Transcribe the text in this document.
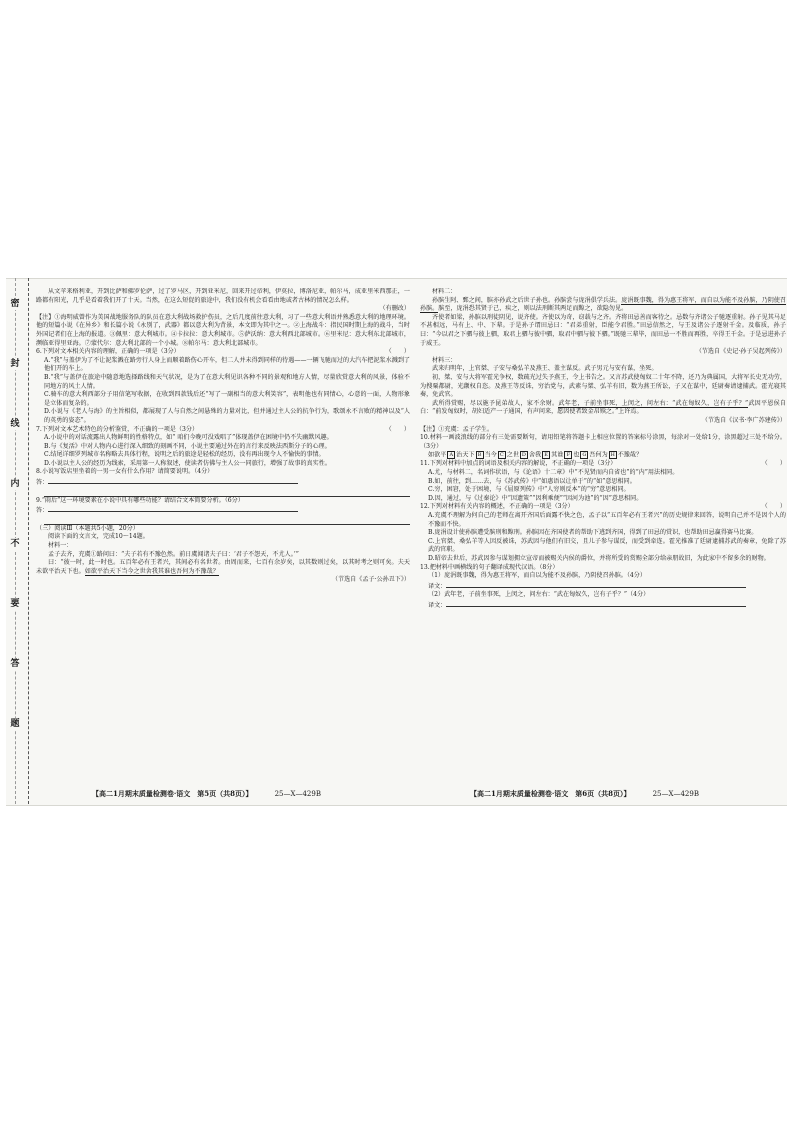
密
封
线
内
不
要
答
题

从文苹来格利亚，开到比萨和佛罗伦萨，过了罗马区，开到亚米尼，回来开过帝利，伊莫拉，博洛尼亚，帕尔马，成亚里米西那正，一路都有阳光，几乎是看着我们开了十天。当然，在这么短促的旅途中，我们没有机会看看由地或者古林的情况怎么样。

（有删改）

【注】①海明威曾作为美国战地服务队的队员在意大利战场救护伤员，之后几度前往意大利，习了一些意大利语并熟悉意大利的地理环境。他的短篇小说《在异乡》和长篇小说《永别了，武器》都以意大利为背景，本文即为其中之一。②上海战斗：指民国时期上海的战斗，当时外国记者们在上海的报道。③佩里：意大利城市。④卡拉拉：意大利城市。⑤萨沃纳：意大利西北部城市。⑥里米尼：意大利东北部城市，濒临亚得里亚海。⑦蒙代尔：意大利北部的一个小城。⑧帕尔马：意大利北部城市。

6.下列对文本相关内容的理解，正确的一项是（3分）	（　　）

A.“我”与盖伊为了不让泥浆溅在路旁行人身上而顺着路伤心开车，但二人并未得到同样的待遇——一辆飞驰而过的大汽车把泥浆水溅到了他们开的车上。

B.“我”与盖伊在旅途中随意地选择路线和天气状况，是为了在意大利见识各种不同的景观和地方人情，尽量欣赏意大利的风景，体验不同地方的风土人情。

C.骑车的意大利西部分子用信笔写收据，在收到四款钱后还“写了一副相当的意大利笑容”，表明他也有同情心，心意的一面，人物形象是立体而复杂的。

D.小说与《老人与海》的主旨相似，都展现了人与自然之间悬殊的力量对比，但并通过主人公的抗争行为，歌颂永不言败的精神以及“人的英勇的姿态”。

7.下列对文本艺术特色的分析鉴赏，不正确的一项是（3分）	（　　）

A.小说中的对话流露出人物鲜明的性格特点，如“ 咱们今晚可没戏唱了”体现盖伊在困境中仍不失幽默风趣。

B.与《复活》中对人物内心进行深入细致的刻画不同，小说主要通过外在的言行来反映法西斯分子的心理。

C.结尾详细罗列城市名称略去具体行程，说明之后的旅途是轻松的经历，没有再出现令人不愉快的事情。

D.小说以主人公的经历为线索，采用第一人称叙述，使读者仿佛与主人公一同旅行，增强了故事的真实性。

8.小说写饭店里坐着的一男一女有什么作用？请简要说明。（4分）

答：

9.“雨后”这一环境要素在小说中具有哪些功能？请结合文本简要分析。（6分）

答：

（三）阅读Ⅲ（本题共5小题，20分）

阅读下面的文言文，完成10～14题。

材料一：

孟子去齐，充虞①路问曰：“夫子若有不豫色然。前日虞闻诸夫子曰：‘君子不怨天，不尤人。’”

曰：“彼一时，此一时也。五百年必有王者兴，其间必有名世者。由周而来，七百有余岁矣，以其数则过矣，以其时考之则可矣。夫天未欲平治天下也。如欲平治天下当今之世舍我其谁也吾何为不豫哉？

（节选自《孟子·公孙丑下》）

材料二：

孙膑生阿、鄄之间，膑亦孙武之后世子孙也。孙膑尝与庞涓俱学兵法。庞涓既事魏，得为惠王将军，而自以为能不及孙膑，乃阴使召孙膑。膑至，庞涓恐其贤于己，疾之，则以法刑断其两足而黥之，欲隐勿见。

齐使者如梁，孙膑以刑徒阴见，说齐使。齐使以为奇，窃载与之齐。齐将田忌善而客待之。忌数与齐诸公子驰逐重射。孙子见其马足不甚相远，马有上、中、下辈。于是孙子谓田忌曰：“君弟重射，臣能令君胜。”田忌信然之，与王及诸公子逐射千金。及临质，孙子曰：“今以君之下驷与彼上驷，取君上驷与彼中驷，取君中驷与彼下驷。”既驰三辈毕，而田忌一不胜而再胜，卒得王千金。于是忌进孙子于威王。

（节选自《史记·孙子吴起列传》）

材料三：

武来归明年，上官桀、子安与桑弘羊及燕王、盖主谋反。武子男元与安有谋，坐死。

初，桀、安与大将军霍光争权，数疏光过失予燕王，令上书告之。又言苏武使匈奴二十年不降，还乃为典属国，大将军长史无功劳，为搜粟都尉，光颛权自恣。及燕王等反诛，穷治党与，武素与桀、弘羊有旧，数为燕王所讼，子又在谋中，廷尉奏请逮捕武。霍光寝其奏，免武官。

武所得赏赐，尽以施予昆弟故人，家不余财。武年老，子前坐事死，上闵之，问左右：“武在匈奴久，岂有子乎？”武因平恩侯自白：“前发匈奴时，胡妇适产一子通国，有声问来，愿因使者致金帛赎之。”上许焉。

（节选自《汉书·李广苏建传》）

【注】①充虞：孟子学生。

10.材料一画波浪线的部分有三处需要断句，请用铅笔将答题卡上相应位置的答案标号涂黑，每涂对一处给1分，涂黑超过三处不给分。（3分）

如欲平 A 治天下 B 当今 C 之世 D 舍我 E 其谁 F 也 G 吾何为 H 不豫哉？

11.下列对材料中加点的词语及相关内容的解说，不正确的一项是（3分）	（　　）

A.尤，与材料二，名词作状语，与《论语》十二章》中“不见贤而内自省也”的“内”用法相同。

B.如，前往，到……去，与《苏武传》中“如惠语以让单于”的“如”意思相同。

C.穷，困窘，处于困境，与《屈原列传》中“人穷则反本”的“穷”意思相同。

D.因，通过，与《过秦论》中“因遗策”“因利乘便”“因河为池”的“因”意思相同。

12.下列对材料有关内容的概述，不正确的一项是（3分）	（　　）

A.充虞不理解为何自己的老师在离开齐国后面露不快之色，孟子以“五百年必有王者兴”的历史规律来回答，说明自己并不是因个人的不豫而不快。

B.庞涓设计使孙膑遭受膑刑和黥刑。孙膑因在齐国使者的帮助下逃到齐国，得到了田忌的赏识，也帮助田忌赢得赛马比赛。

C.上官桀、桑弘羊等人因反被诛，苏武因与他们有旧交，且儿子参与谋反，而受到牵连。霍光推准了廷尉逮捕苏武的奏章，免除了苏武的官职。

D.昭帝去世后，苏武因参与谋划拥立宣帝而被赐关内侯的爵位，并将所受的赏赐全部分给亲朋故旧，为此家中不留多余的财物。

13.把材料中画横线的句子翻译成现代汉语。（8分）

（1）庞涓既事魏，得为惠王将军，而自以为能不及孙膑，乃阴使召孙膑。（4分）

译文：

（2）武年老，子前坐事死，上闵之，问左右：“武在匈奴久，岂有子乎？”（4分）

译文：

【高二1月期末质量检测卷·语文　第5页（共8页）】	25—X—429B	【高二1月期末质量检测卷·语文　第6页（共8页）】	25—X—429B
